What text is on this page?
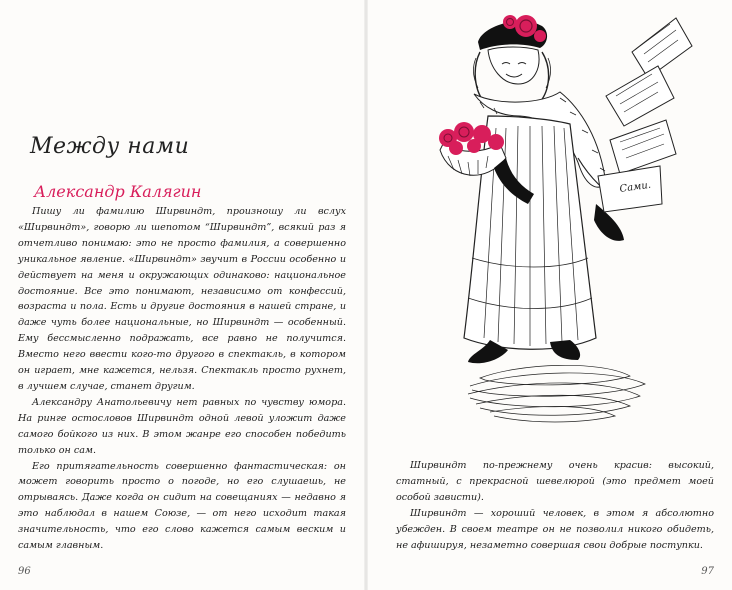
Между нами
Александр Калягин

Пишу ли фамилию Ширвиндт, произношу ли вслух «Ширвиндт», говорю ли шепотом “Ширвиндт”, всякий раз я отчетливо понимаю: это не просто фамилия, а совершенно уникальное явление. «Ширвиндт» звучит в России особенно и действует на меня и окружающих одинаково: национальное достояние. Все это понимают, независимо от конфессий, возраста и пола. Есть и другие достояния в нашей стране, и даже чуть более национальные, но Ширвиндт — особенный. Ему бессмысленно подражать, все равно не получится. Вместо него ввести кого-то другого в спектакль, в котором он играет, мне кажется, нельзя. Спектакль просто рухнет, в лучшем случае, станет другим.

Александру Анатольевичу нет равных по чувству юмора. На ринге остословов Ширвиндт одной левой уложит даже самого бойкого из них. В этом жанре его способен победить только он сам.

Его притягательность совершенно фантастическая: он может говорить просто о погоде, но его слушаешь, не отрываясь. Даже когда он сидит на совещаниях — недавно я это наблюдал в нашем Союзе, — от него исходит такая значительность, что его слово кажется самым веским и самым главным.

96
Сами.

Ширвиндт по-прежнему очень красив: высокий, статный, с прекрасной шевелюрой (это предмет моей особой зависти).

Ширвиндт — хороший человек, в этом я абсолютно убежден. В своем театре он не позволил никого обидеть, не афишируя, незаметно совершая свои добрые поступки.

97
